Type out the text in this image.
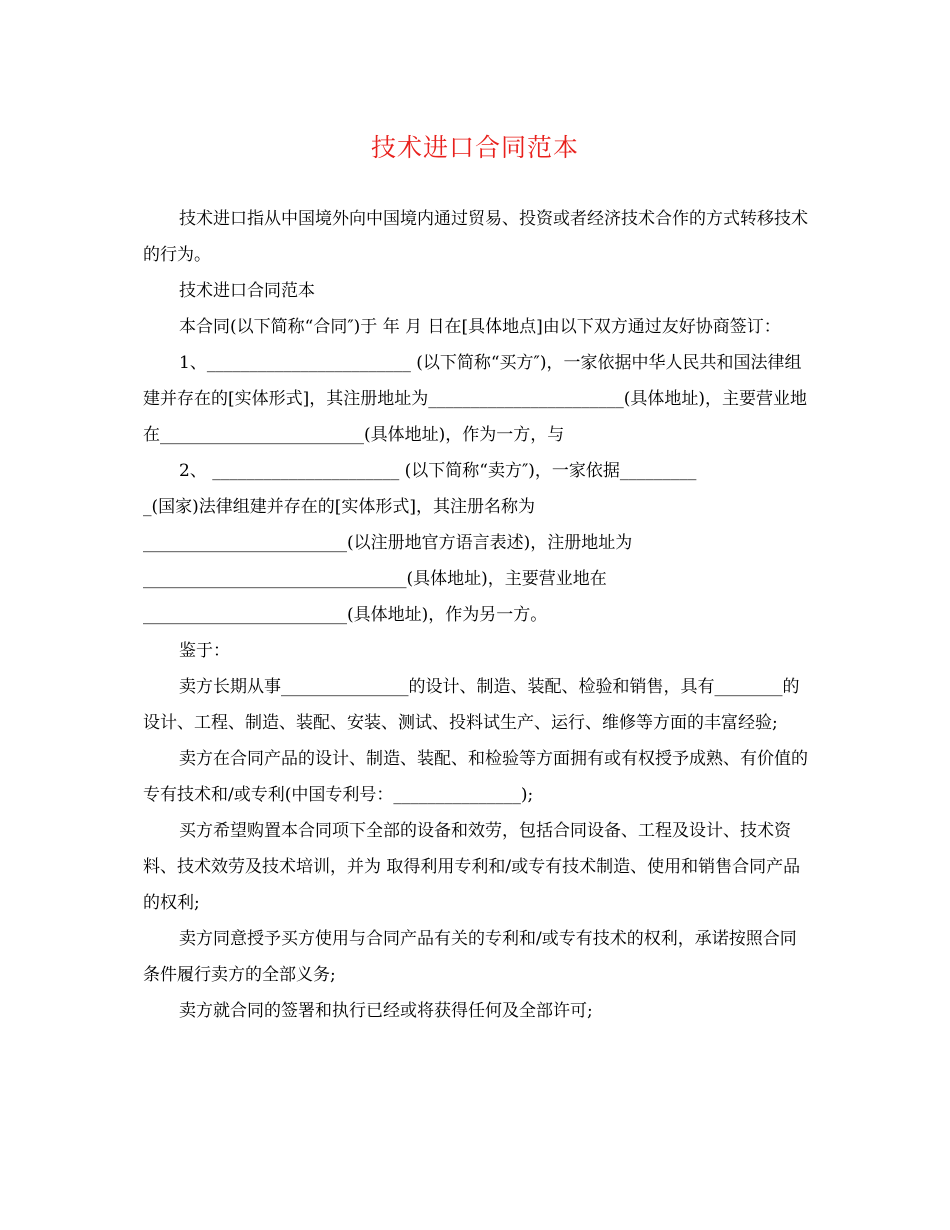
技术进口合同范本

技术进口指从中国境外向中国境内通过贸易、投资或者经济技术合作的方式转移技术的行为。

技术进口合同范本

本合同(以下简称“合同″)于 年 月 日在[具体地点]由以下双方通过友好协商签订：

1、________________________ (以下简称“买方″)，一家依据中华人民共和国法律组建并存在的[实体形式]，其注册地址为_______________________(具体地址)，主要营业地在________________________(具体地址)，作为一方，与

2、 ______________________ (以下简称“卖方″)，一家依据_________

_(国家)法律组建并存在的[实体形式]，其注册名称为

________________________(以注册地官方语言表述)，注册地址为

_______________________________(具体地址)，主要营业地在

________________________(具体地址)，作为另一方。

鉴于：

卖方长期从事_______________的设计、制造、装配、检验和销售，具有________的设计、工程、制造、装配、安装、测试、投料试生产、运行、维修等方面的丰富经验;

卖方在合同产品的设计、制造、装配、和检验等方面拥有或有权授予成熟、有价值的专有技术和/或专利(中国专利号：_______________);

买方希望购置本合同项下全部的设备和效劳，包括合同设备、工程及设计、技术资料、技术效劳及技术培训，并为 取得利用专利和/或专有技术制造、使用和销售合同产品的权利;

卖方同意授予买方使用与合同产品有关的专利和/或专有技术的权利，承诺按照合同条件履行卖方的全部义务;

卖方就合同的签署和执行已经或将获得任何及全部许可;
